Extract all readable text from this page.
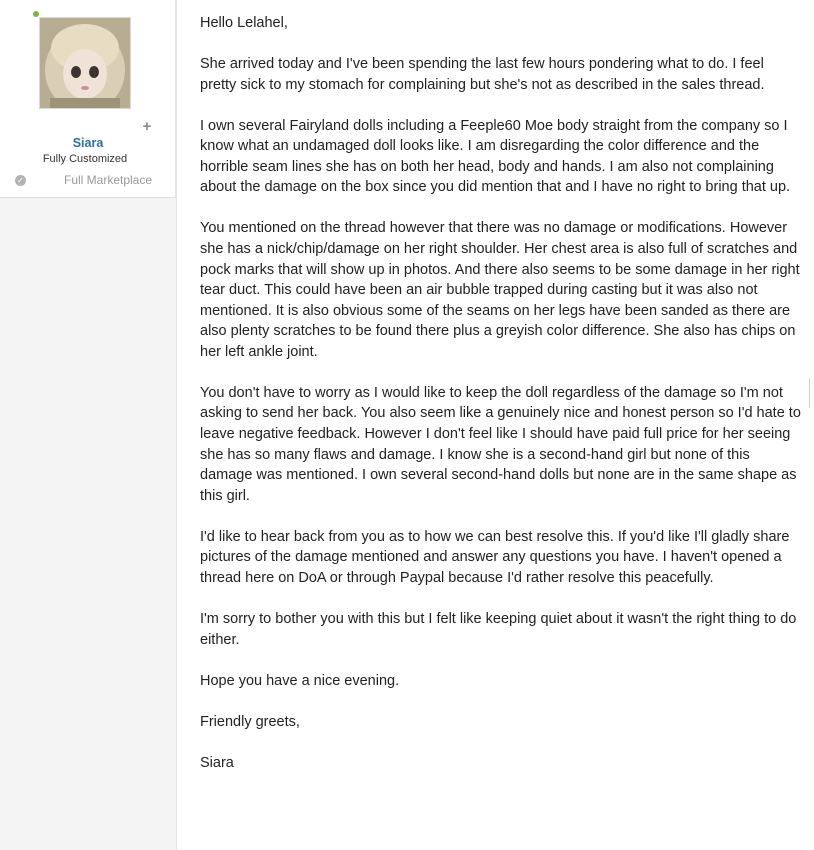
+
Siara
Fully Customized
✓	Full Marketplace

Hello Lelahel,

She arrived today and I've been spending the last few hours pondering what to do. I feel pretty sick to my stomach for complaining but she's not as described in the sales thread.

I own several Fairyland dolls including a Feeple60 Moe body straight from the company so I know what an undamaged doll looks like. I am disregarding the color difference and the horrible seam lines she has on both her head, body and hands. I am also not complaining about the damage on the box since you did mention that and I have no right to bring that up.

You mentioned on the thread however that there was no damage or modifications. However she has a nick/chip/damage on her right shoulder. Her chest area is also full of scratches and pock marks that will show up in photos. And there also seems to be some damage in her right tear duct. This could have been an air bubble trapped during casting but it was also not mentioned. It is also obvious some of the seams on her legs have been sanded as there are also plenty scratches to be found there plus a greyish color difference. She also has chips on her left ankle joint.

You don't have to worry as I would like to keep the doll regardless of the damage so I'm not asking to send her back. You also seem like a genuinely nice and honest person so I'd hate to leave negative feedback. However I don't feel like I should have paid full price for her seeing she has so many flaws and damage. I know she is a second-hand girl but none of this damage was mentioned. I own several second-hand dolls but none are in the same shape as this girl.

I'd like to hear back from you as to how we can best resolve this. If you'd like I'll gladly share pictures of the damage mentioned and answer any questions you have. I haven't opened a thread here on DoA or through Paypal because I'd rather resolve this peacefully.

I'm sorry to bother you with this but I felt like keeping quiet about it wasn't the right thing to do either.

Hope you have a nice evening.

Friendly greets,

Siara
